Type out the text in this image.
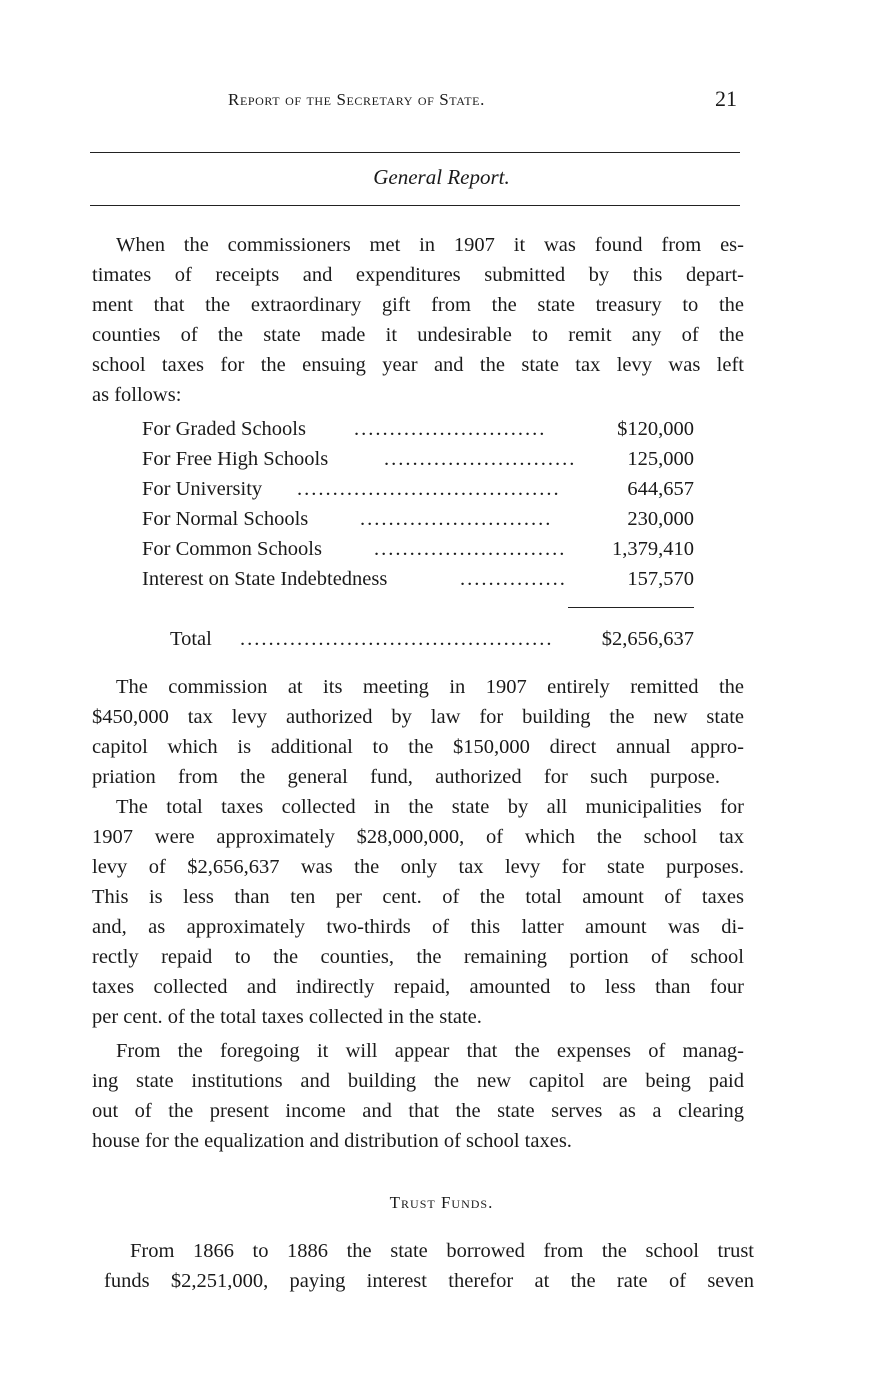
Report of the Secretary of State.	21
General Report.
When the commissioners met in 1907 it was found from es-
timates of receipts and expenditures submitted by this depart-
ment that the extraordinary gift from the state treasury to the
counties of the state made it undesirable to remit any of the
school taxes for the ensuing year and the state tax levy was left
as follows:
For Graded Schools ...........................	$120,000
For Free High Schools	........................... 125,000
For University .....................................	644,657
For Normal Schools	...........................	230,000
For Common Schools	...........................	1,379,410
Interest on State Indebtedness	...............	157,570
Total ............................................	$2,656,637
The commission at its meeting in 1907 entirely remitted the
$450,000 tax levy authorized by law for building the new state
capitol which is additional to the $150,000 direct annual appro-
priation from the general fund, authorized for such purpose.
The total taxes collected in the state by all municipalities for
1907 were approximately $28,000,000, of which the school tax
levy of $2,656,637 was the only tax levy for state purposes.
This is less than ten per cent. of the total amount of taxes
and, as approximately two-thirds of this latter amount was di-
rectly repaid to the counties, the remaining portion of school
taxes collected and indirectly repaid, amounted to less than four
per cent. of the total taxes collected in the state.
From the foregoing it will appear that the expenses of manag-
ing state institutions and building the new capitol are being paid
out of the present income and that the state serves as a clearing
house for the equalization and distribution of school taxes.
Trust Funds.
From 1866 to 1886 the state borrowed from the school trust
funds $2,251,000, paying interest therefor at the rate of seven
